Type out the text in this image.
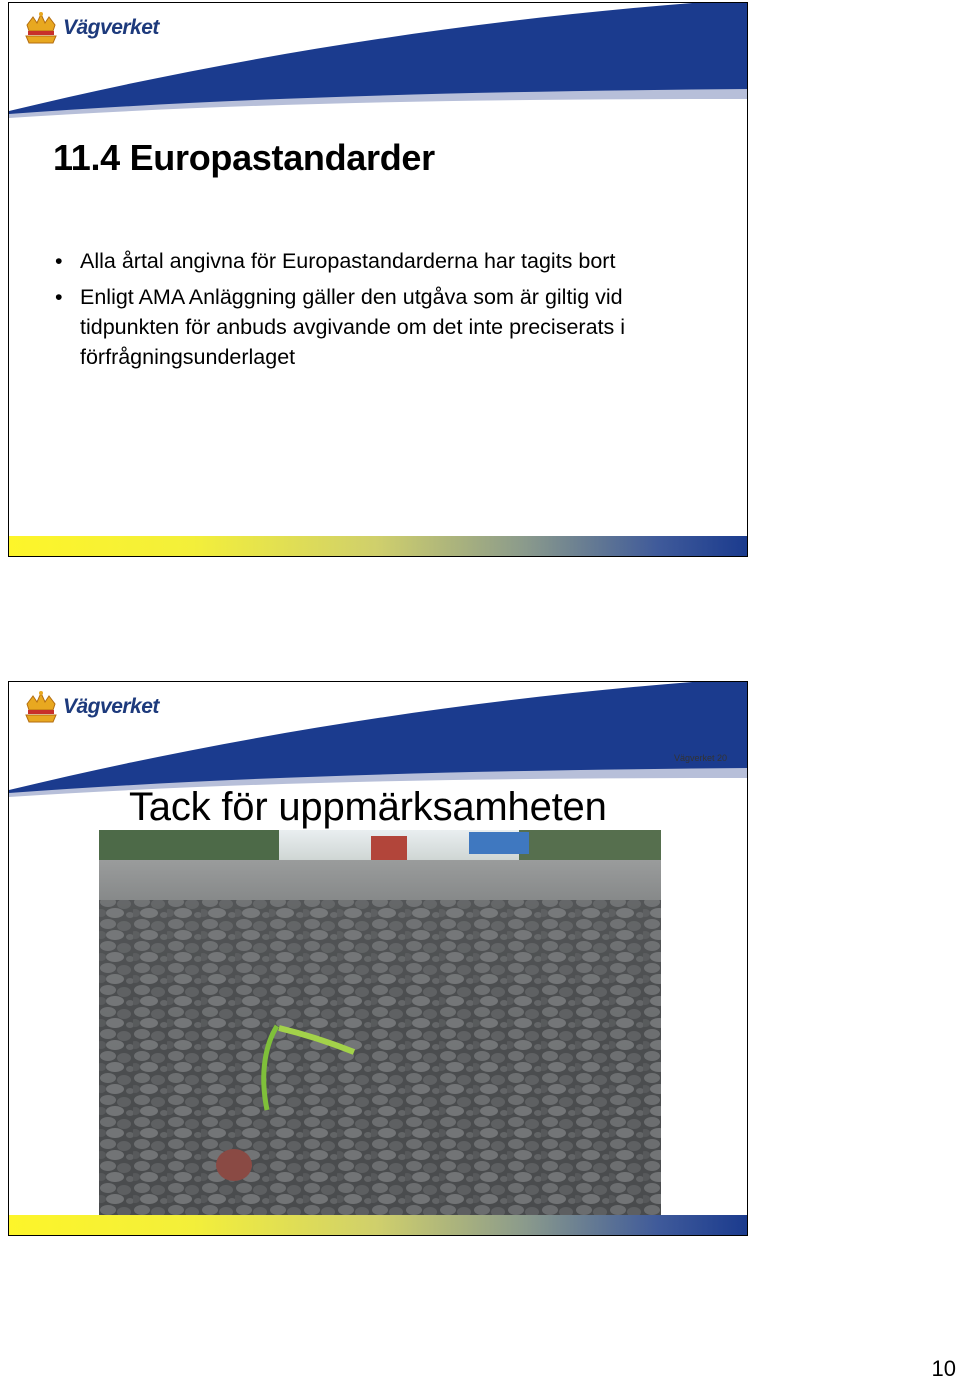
Vägverket
11.4 Europastandarder
• Alla årtal angivna för Europastandarderna har tagits bort
• Enligt AMA Anläggning gäller den utgåva som är giltig vid tidpunkten för anbuds avgivande om det inte preciserats i förfrågningsunderlaget
Vägverket
Vägverket 20
Tack för uppmärksamheten
10
